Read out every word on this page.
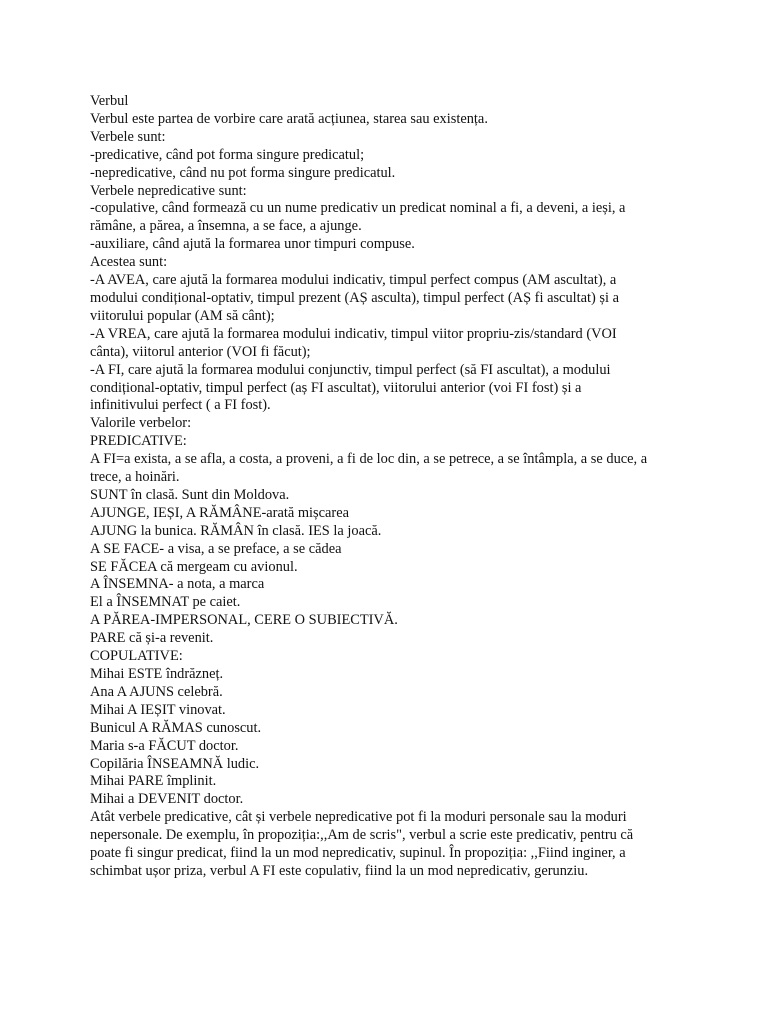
Verbul
Verbul este partea de vorbire care arată acțiunea, starea sau existența.
Verbele sunt:
-predicative, când pot forma singure predicatul;
-nepredicative, când nu pot forma singure predicatul.
Verbele nepredicative sunt:
-copulative, când formează cu un nume predicativ un predicat nominal a fi, a deveni, a ieși, a
rămâne, a părea, a însemna, a se face, a ajunge.
-auxiliare, când ajută la formarea unor timpuri compuse.
Acestea sunt:
-A AVEA, care ajută la formarea modului indicativ, timpul perfect compus (AM ascultat), a
modului condițional-optativ, timpul prezent (AȘ asculta), timpul perfect (AȘ fi ascultat) și a
viitorului popular (AM să cânt);
-A VREA, care ajută la formarea modului indicativ, timpul viitor propriu-zis/standard (VOI
cânta), viitorul anterior (VOI fi făcut);
-A FI, care ajută la formarea modului conjunctiv, timpul perfect (să FI ascultat), a modului
condițional-optativ, timpul perfect (aș FI ascultat), viitorului anterior (voi FI fost) și a
infinitivului perfect ( a FI fost).
Valorile verbelor:
PREDICATIVE:
A FI=a exista, a se afla, a costa, a proveni, a fi de loc din, a se petrece, a se întâmpla, a se duce, a
trece, a hoinări.
SUNT în clasă. Sunt din Moldova.
AJUNGE, IEȘI, A RĂMÂNE-arată mișcarea
AJUNG la bunica. RĂMÂN în clasă. IES la joacă.
A SE FACE- a visa, a se preface, a se cădea
SE FĂCEA că mergeam cu avionul.
A ÎNSEMNA- a nota, a marca
El a ÎNSEMNAT pe caiet.
A PĂREA-IMPERSONAL, CERE O SUBIECTIVĂ.
PARE că și-a revenit.
COPULATIVE:
Mihai ESTE îndrăzneț.
Ana A AJUNS celebră.
Mihai A IEȘIT vinovat.
Bunicul A RĂMAS cunoscut.
Maria s-a FĂCUT doctor.
Copilăria ÎNSEAMNĂ ludic.
Mihai PARE împlinit.
Mihai a DEVENIT doctor.
Atât verbele predicative, cât și verbele nepredicative pot fi la moduri personale sau la moduri
nepersonale. De exemplu, în propoziția:,,Am de scris", verbul a scrie este predicativ, pentru că
poate fi singur predicat, fiind la un mod nepredicativ, supinul. În propoziția: ,,Fiind inginer, a
schimbat ușor priza, verbul A FI este copulativ, fiind la un mod nepredicativ, gerunziu.
